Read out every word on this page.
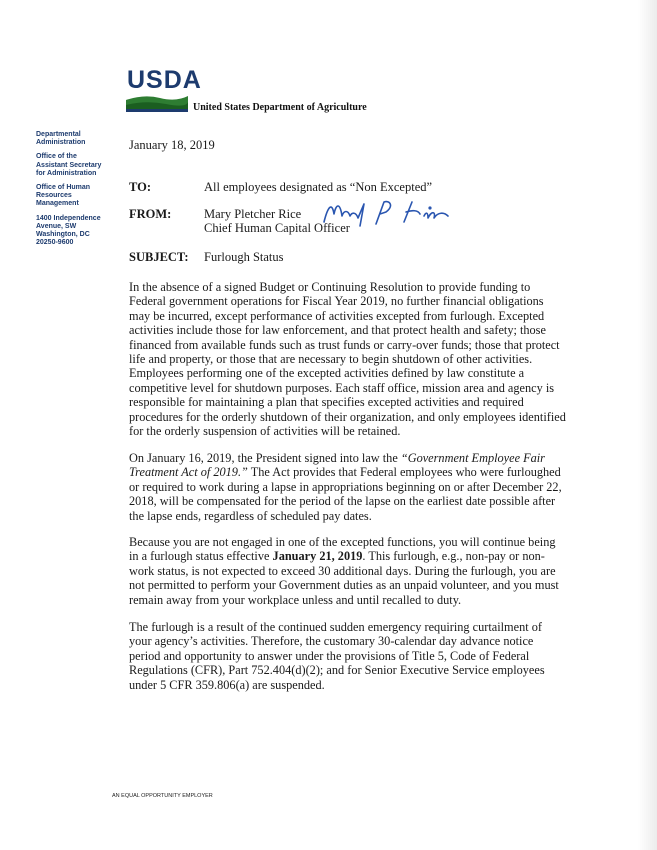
USDA
United States Department of Agriculture
Departmental
Administration
Office of the
Assistant Secretary
for Administration
Office of Human
Resources
Management
1400 Independence
Avenue, SW
Washington, DC
20250-9600
January 18, 2019
TO:	All employees designated as “Non Excepted”
FROM:	Mary Pletcher Rice
Chief Human Capital Officer
SUBJECT: Furlough Status

In the absence of a signed Budget or Continuing Resolution to provide funding to Federal government operations for Fiscal Year 2019, no further financial obligations may be incurred, except performance of activities excepted from furlough. Excepted activities include those for law enforcement, and that protect health and safety; those financed from available funds such as trust funds or carry-over funds; those that protect life and property, or those that are necessary to begin shutdown of other activities. Employees performing one of the excepted activities defined by law constitute a competitive level for shutdown purposes. Each staff office, mission area and agency is responsible for maintaining a plan that specifies excepted activities and required procedures for the orderly shutdown of their organization, and only employees identified for the orderly suspension of activities will be retained.

On January 16, 2019, the President signed into law the “Government Employee Fair Treatment Act of 2019.” The Act provides that Federal employees who were furloughed or required to work during a lapse in appropriations beginning on or after December 22, 2018, will be compensated for the period of the lapse on the earliest date possible after the lapse ends, regardless of scheduled pay dates.

Because you are not engaged in one of the excepted functions, you will continue being in a furlough status effective January 21, 2019. This furlough, e.g., non-pay or non-work status, is not expected to exceed 30 additional days. During the furlough, you are not permitted to perform your Government duties as an unpaid volunteer, and you must remain away from your workplace unless and until recalled to duty.

The furlough is a result of the continued sudden emergency requiring curtailment of your agency’s activities. Therefore, the customary 30-calendar day advance notice period and opportunity to answer under the provisions of Title 5, Code of Federal Regulations (CFR), Part 752.404(d)(2); and for Senior Executive Service employees under 5 CFR 359.806(a) are suspended.

AN EQUAL OPPORTUNITY EMPLOYER
